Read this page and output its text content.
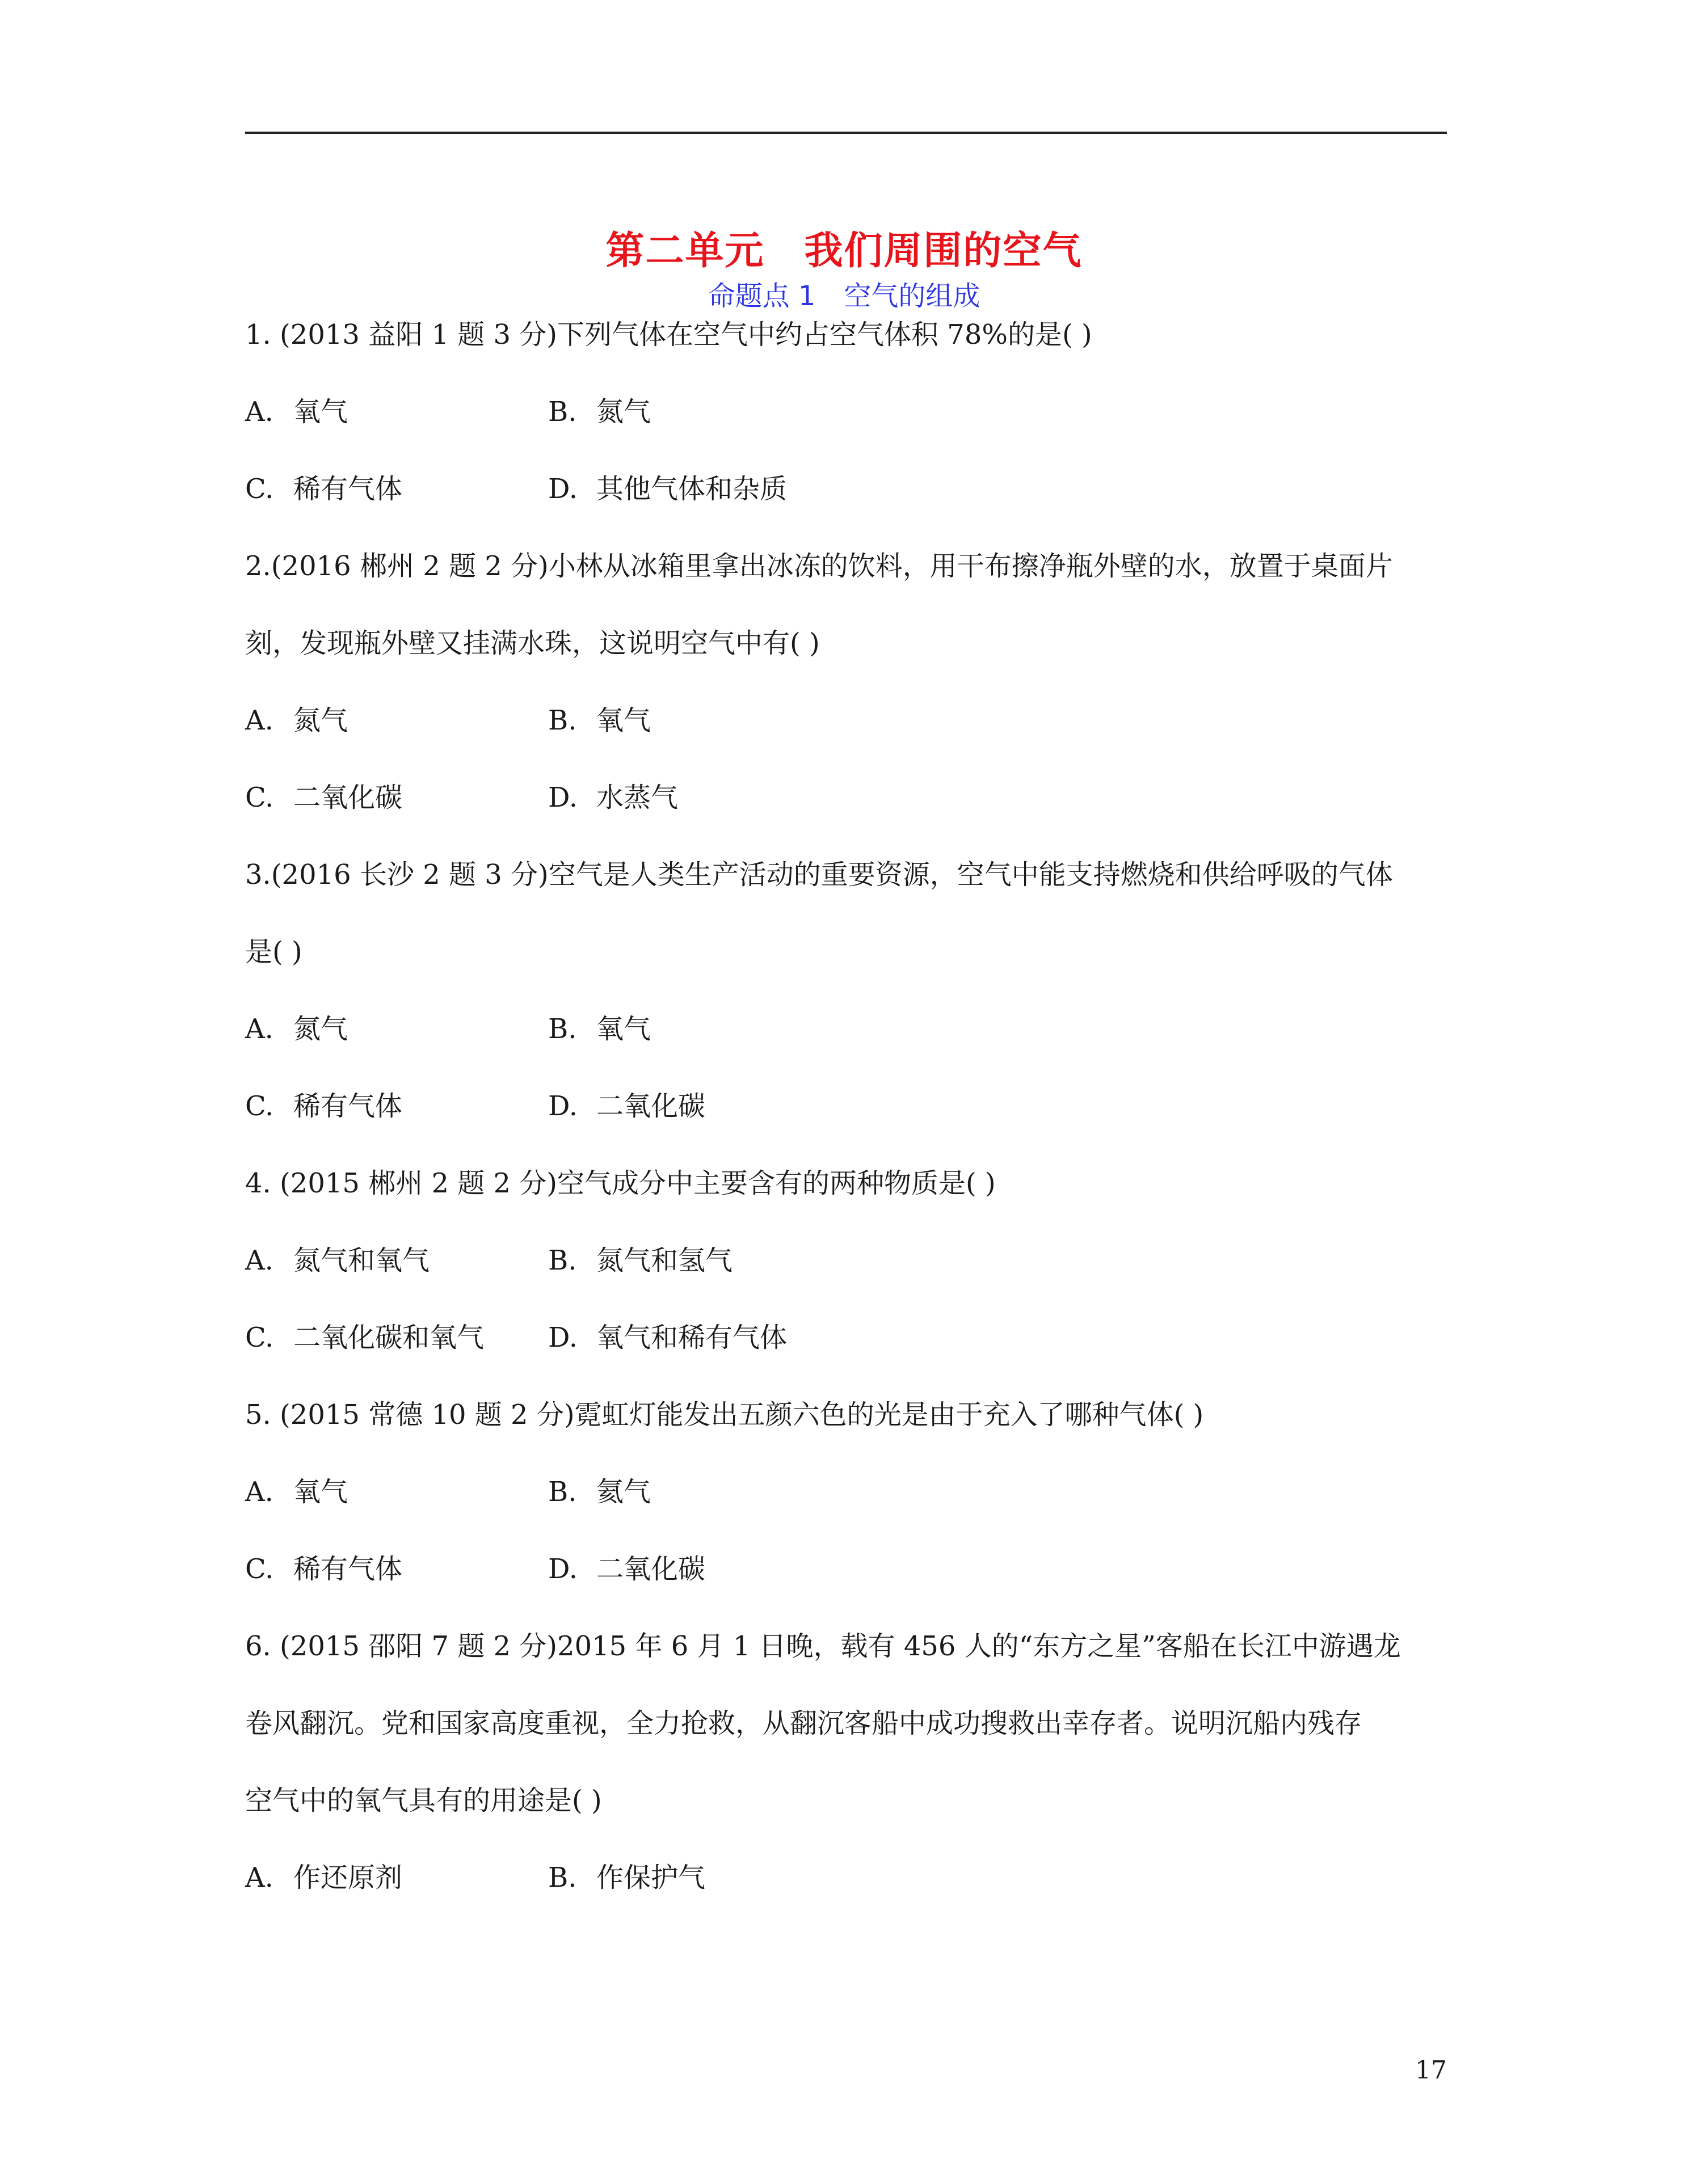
第二单元 我们周围的空气
命题点 1 空气的组成
1. (2013 益阳 1 题 3 分)下列气体在空气中约占空气体积 78%的是( )
A. 氧气	B. 氮气
C. 稀有气体	D. 其他气体和杂质
2.(2016 郴州 2 题 2 分)小林从冰箱里拿出冰冻的饮料，用干布擦净瓶外壁的水，放置于桌面片
刻，发现瓶外壁又挂满水珠，这说明空气中有( )
A. 氮气	B. 氧气
C. 二氧化碳	D. 水蒸气
3.(2016 长沙 2 题 3 分)空气是人类生产活动的重要资源，空气中能支持燃烧和供给呼吸的气体
是( )
A. 氮气	B. 氧气
C. 稀有气体	D. 二氧化碳
4. (2015 郴州 2 题 2 分)空气成分中主要含有的两种物质是( )
A. 氮气和氧气	B. 氮气和氢气
C. 二氧化碳和氧气 D. 氧气和稀有气体
5. (2015 常德 10 题 2 分)霓虹灯能发出五颜六色的光是由于充入了哪种气体( )
A. 氧气	B. 氦气
C. 稀有气体	D. 二氧化碳
6. (2015 邵阳 7 题 2 分)2015 年 6 月 1 日晚，载有 456 人的“东方之星”客船在长江中游遇龙
卷风翻沉。党和国家高度重视，全力抢救，从翻沉客船中成功搜救出幸存者。说明沉船内残存
空气中的氧气具有的用途是( )
A. 作还原剂	B. 作保护气
17
